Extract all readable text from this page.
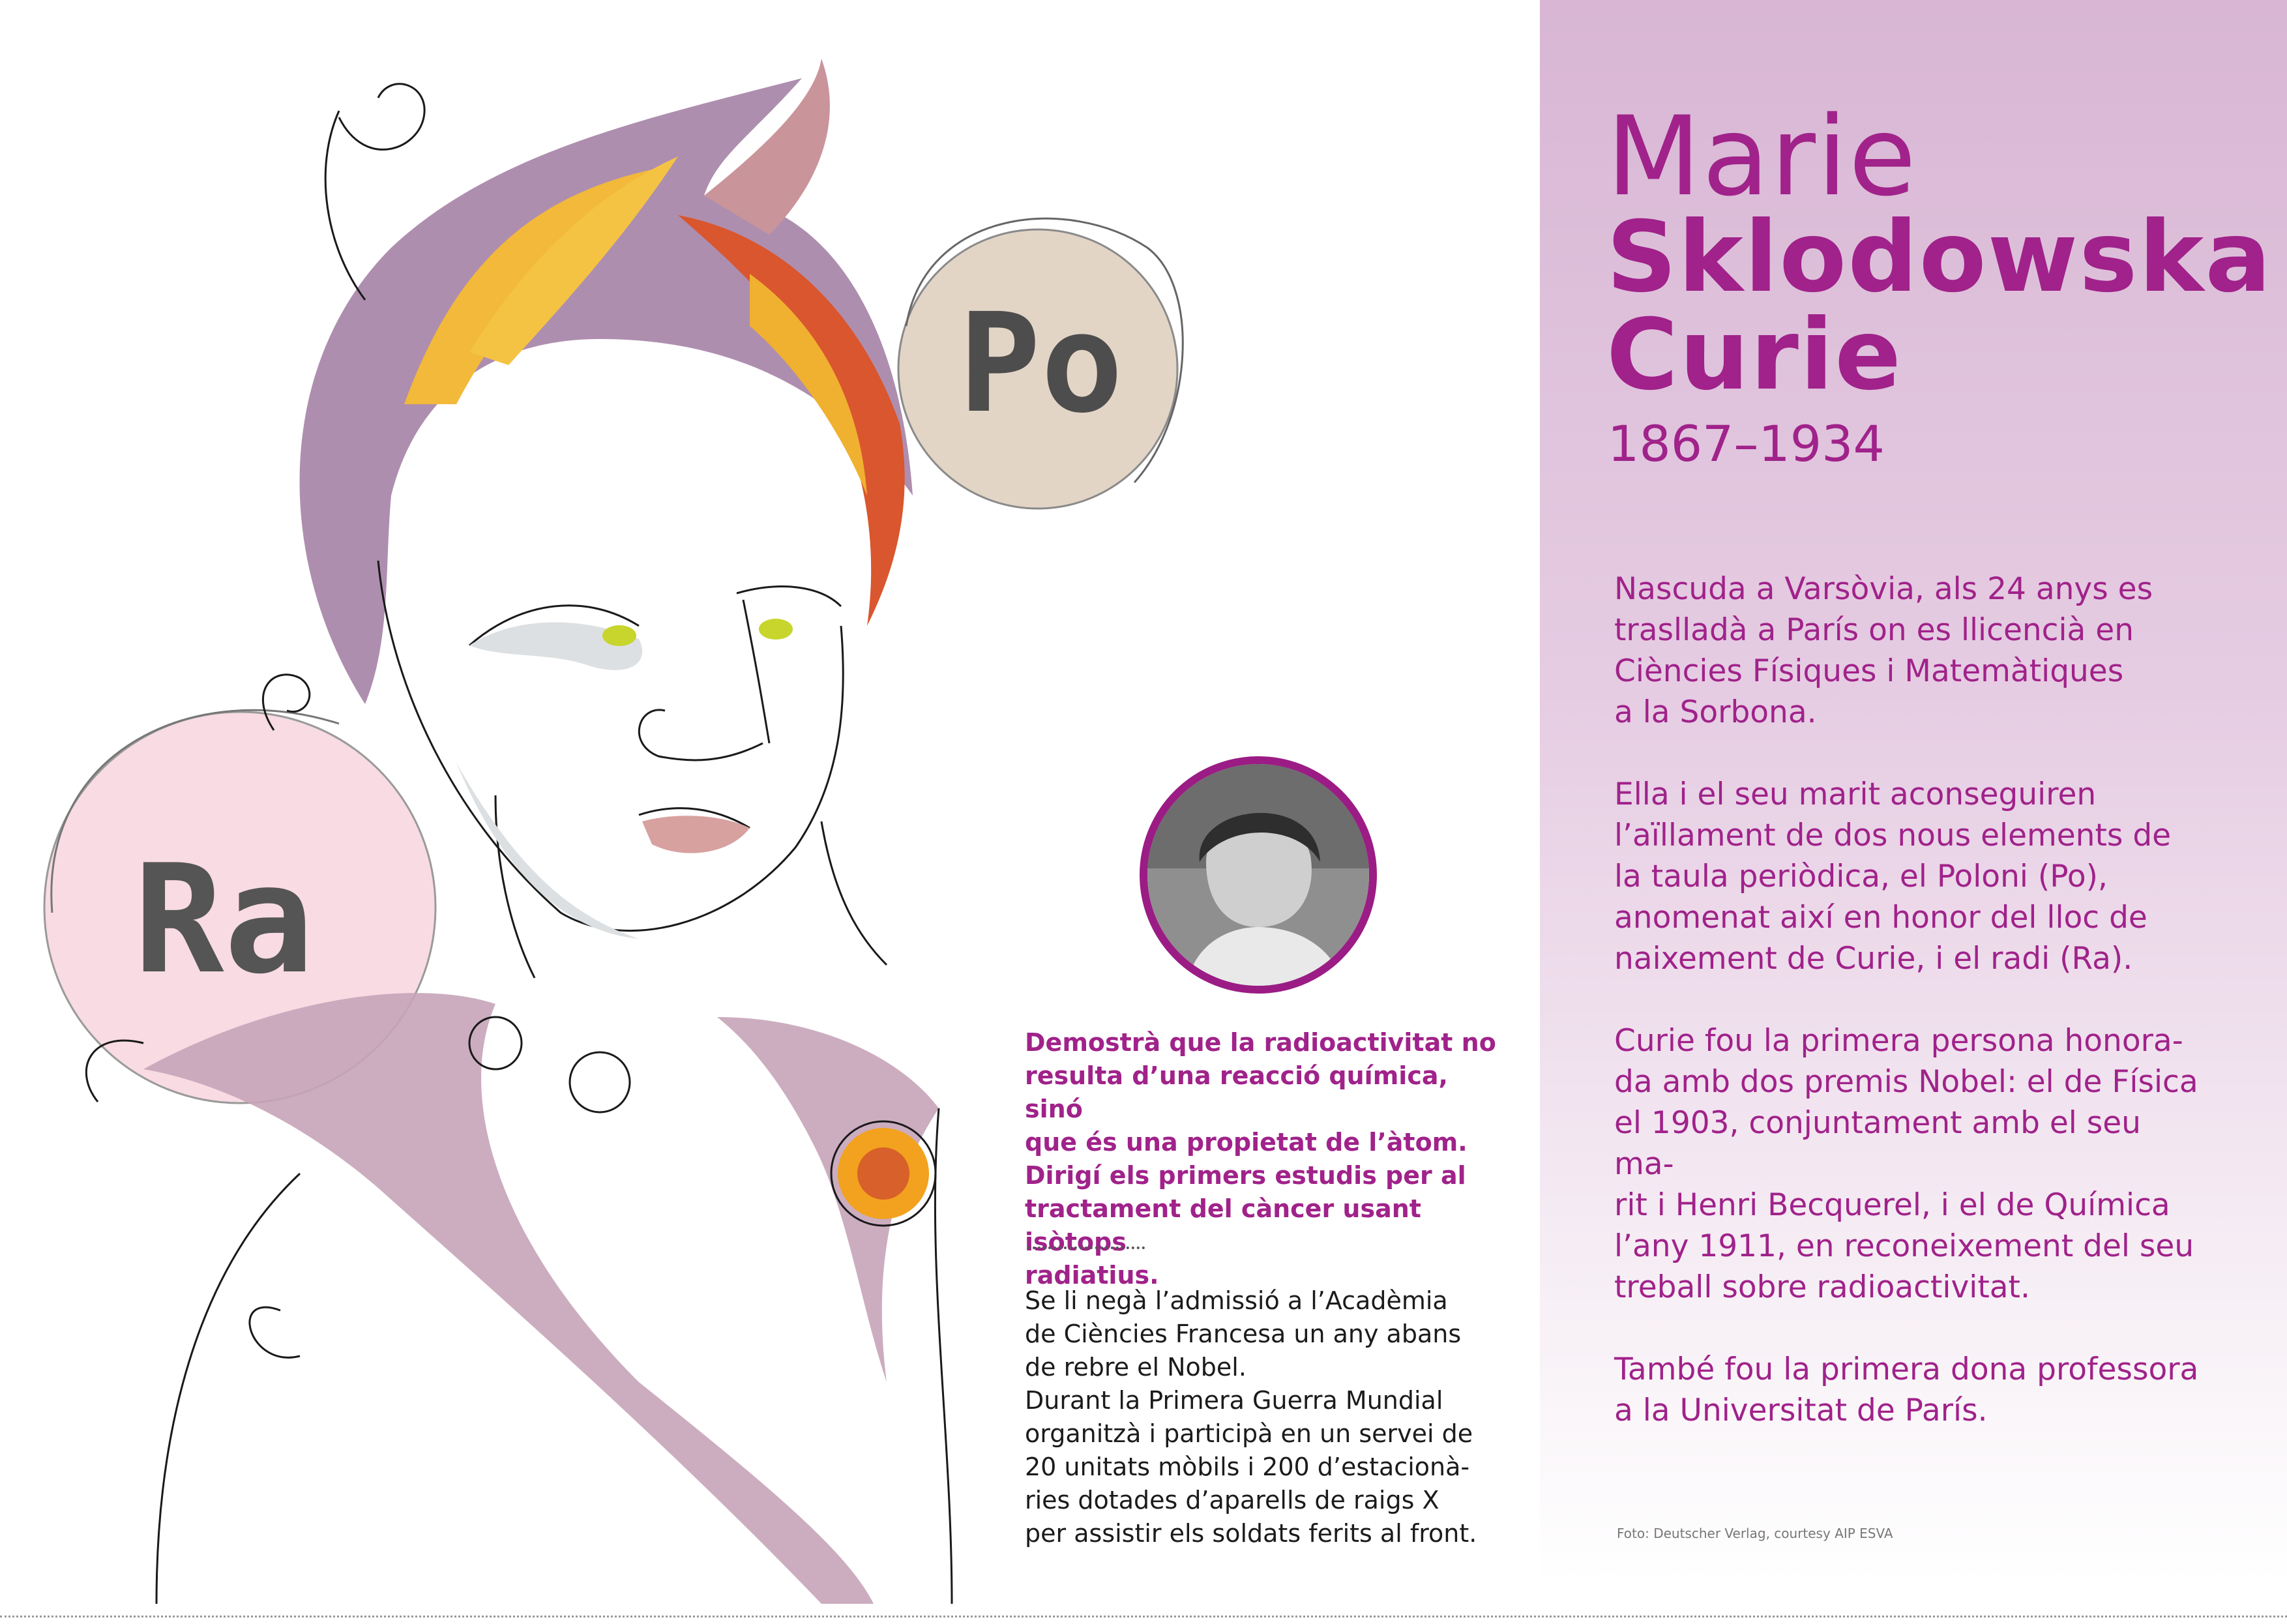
Po
Ra

Demostrà que la radioactivitat no

resulta d’una reacció química, sinó

que és una propietat de l’àtom.

Dirigí els primers estudis per al

tractament del càncer usant isòtops

radiatius.

Se li negà l’admissió a l’Acadèmia

de Ciències Francesa un any abans

de rebre el Nobel.

Durant la Primera Guerra Mundial

organitzà i participà en un servei de

20 unitats mòbils i 200 d’estacionà-

ries dotades d’aparells de raigs X

per assistir els soldats ferits al front.

Marie
Sklodowska
Curie
1867–1934

Nascuda a Varsòvia, als 24 anys es
traslladà a París on es llicencià en
Ciències Físiques i Matemàtiques
a la Sorbona.

Ella i el seu marit aconseguiren
l’aïllament de dos nous elements de
la taula periòdica, el Poloni (Po),
anomenat així en honor del lloc de
naixement de Curie, i el radi (Ra).

Curie fou la primera persona honora-
da amb dos premis Nobel: el de Física
el 1903, conjuntament amb el seu ma-
rit i Henri Becquerel, i el de Química
l’any 1911, en reconeixement del seu
treball sobre radioactivitat.

També fou la primera dona professora
a la Universitat de París.

Foto: Deutscher Verlag, courtesy AIP ESVA
